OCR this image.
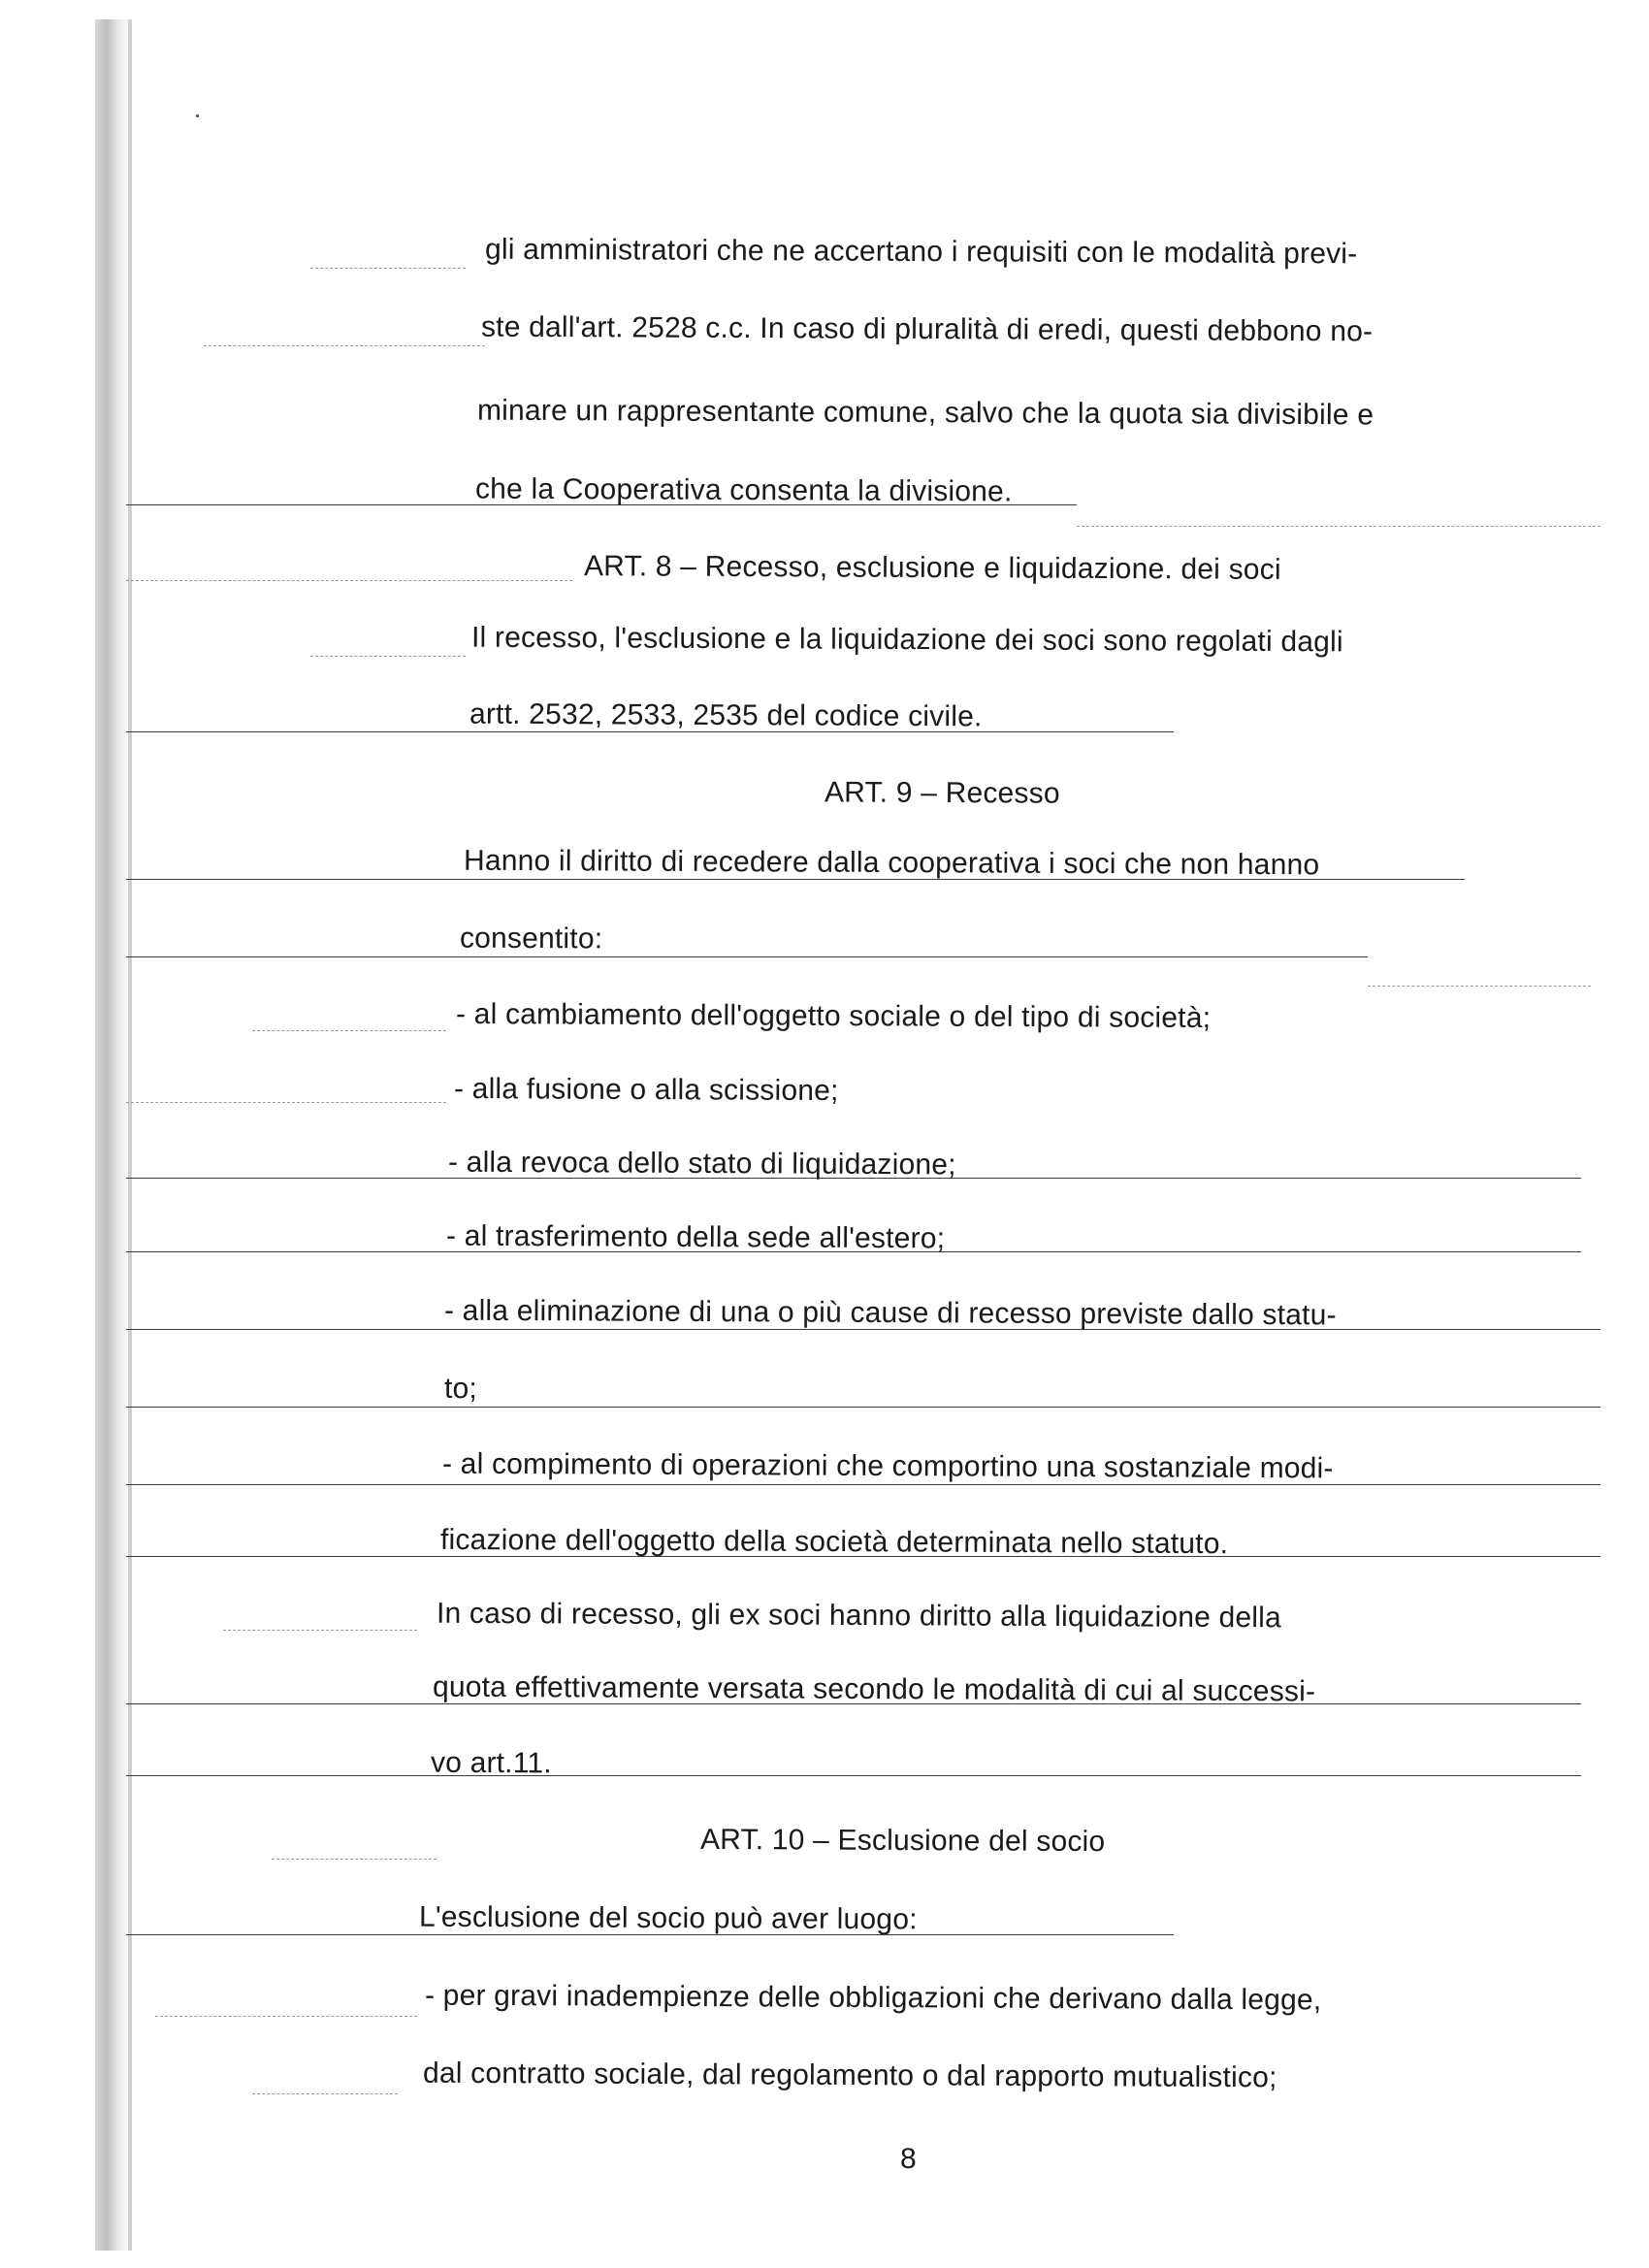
gli amministratori che ne accertano i requisiti con le modalità previ-
ste dall'art. 2528 c.c. In caso di pluralità di eredi, questi debbono no-
minare un rappresentante comune, salvo che la quota sia divisibile e
che la Cooperativa consenta la divisione.
ART. 8 – Recesso, esclusione e liquidazione. dei soci
Il recesso, l'esclusione e la liquidazione dei soci sono regolati dagli
artt. 2532, 2533, 2535 del codice civile.
ART. 9 – Recesso
Hanno il diritto di recedere dalla cooperativa i soci che non hanno
consentito:
- al cambiamento dell'oggetto sociale o del tipo di società;
- alla fusione o alla scissione;
- alla revoca dello stato di liquidazione;
- al trasferimento della sede all'estero;
- alla eliminazione di una o più cause di recesso previste dallo statu-
to;
- al compimento di operazioni che comportino una sostanziale modi-
ficazione dell'oggetto della società determinata nello statuto.
In caso di recesso, gli ex soci hanno diritto alla liquidazione della
quota effettivamente versata secondo le modalità di cui al successi-
vo art.11.
ART. 10 – Esclusione del socio
L'esclusione del socio può aver luogo:
- per gravi inadempienze delle obbligazioni che derivano dalla legge,
dal contratto sociale, dal regolamento o dal rapporto mutualistico;
8
